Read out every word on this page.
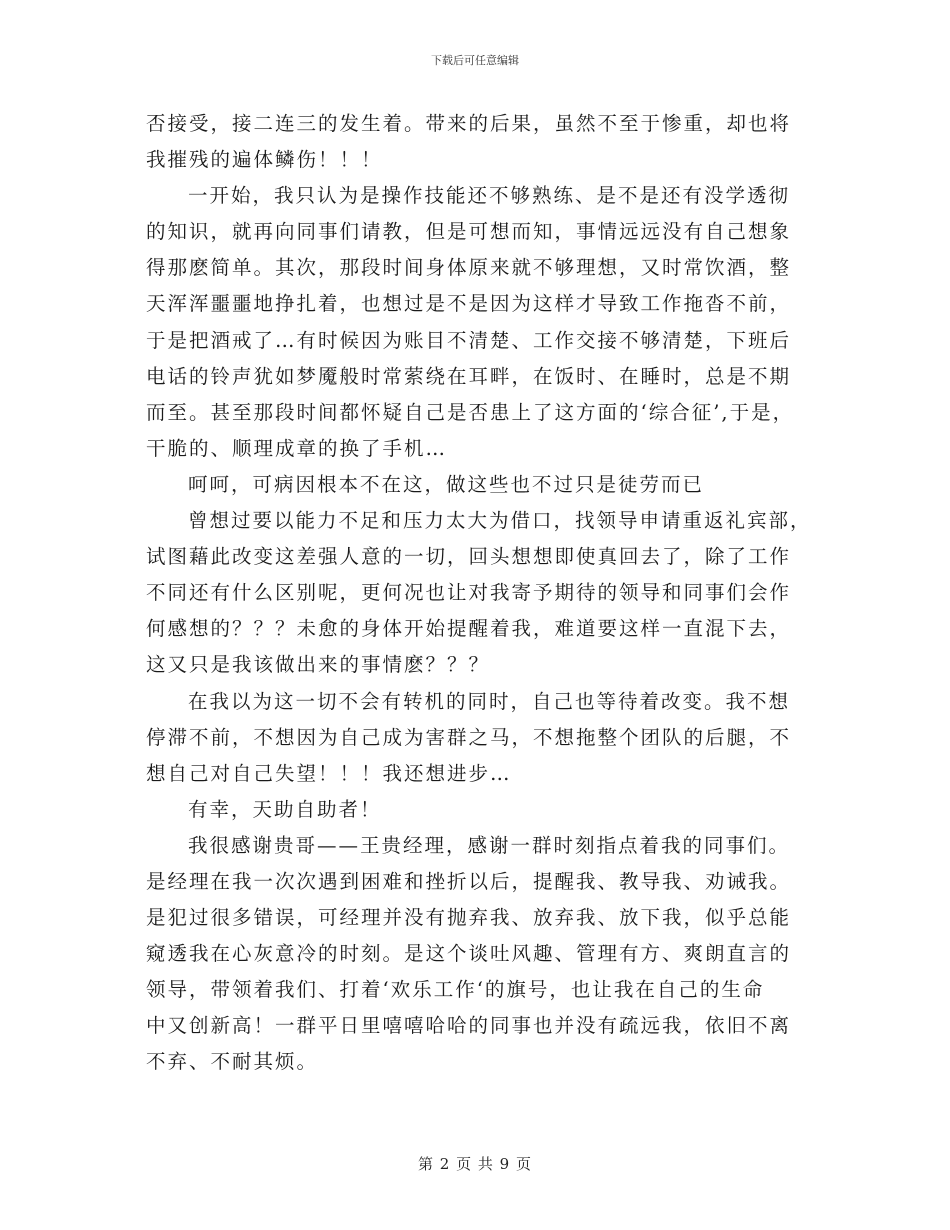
下载后可任意编辑
否接受，接二连三的发生着。带来的后果，虽然不至于惨重，却也将
我摧残的遍体鳞伤！！！
一开始，我只认为是操作技能还不够熟练、是不是还有没学透彻
的知识，就再向同事们请教，但是可想而知，事情远远没有自己想象
得那麽简单。其次，那段时间身体原来就不够理想，又时常饮酒，整
天浑浑噩噩地挣扎着，也想过是不是因为这样才导致工作拖沓不前，
于是把酒戒了…有时候因为账目不清楚、工作交接不够清楚，下班后
电话的铃声犹如梦魇般时常萦绕在耳畔，在饭时、在睡时，总是不期
而至。甚至那段时间都怀疑自己是否患上了这方面的‘综合征’,于是，
干脆的、顺理成章的换了手机…
呵呵，可病因根本不在这，做这些也不过只是徒劳而已
曾想过要以能力不足和压力太大为借口，找领导申请重返礼宾部，
试图藉此改变这差强人意的一切，回头想想即使真回去了，除了工作
不同还有什么区别呢，更何况也让对我寄予期待的领导和同事们会作
何感想的？？？未愈的身体开始提醒着我，难道要这样一直混下去，
这又只是我该做出来的事情麽？？？
在我以为这一切不会有转机的同时，自己也等待着改变。我不想
停滞不前，不想因为自己成为害群之马，不想拖整个团队的后腿，不
想自己对自己失望！！！我还想进步…
有幸，天助自助者！
我很感谢贵哥——王贵经理，感谢一群时刻指点着我的同事们。
是经理在我一次次遇到困难和挫折以后，提醒我、教导我、劝诫我。
是犯过很多错误，可经理并没有抛弃我、放弃我、放下我，似乎总能
窥透我在心灰意冷的时刻。是这个谈吐风趣、管理有方、爽朗直言的
领导，带领着我们、打着‘欢乐工作‘的旗号，也让我在自己的生命
中又创新高！一群平日里嘻嘻哈哈的同事也并没有疏远我，依旧不离
不弃、不耐其烦。
第 2 页 共 9 页
